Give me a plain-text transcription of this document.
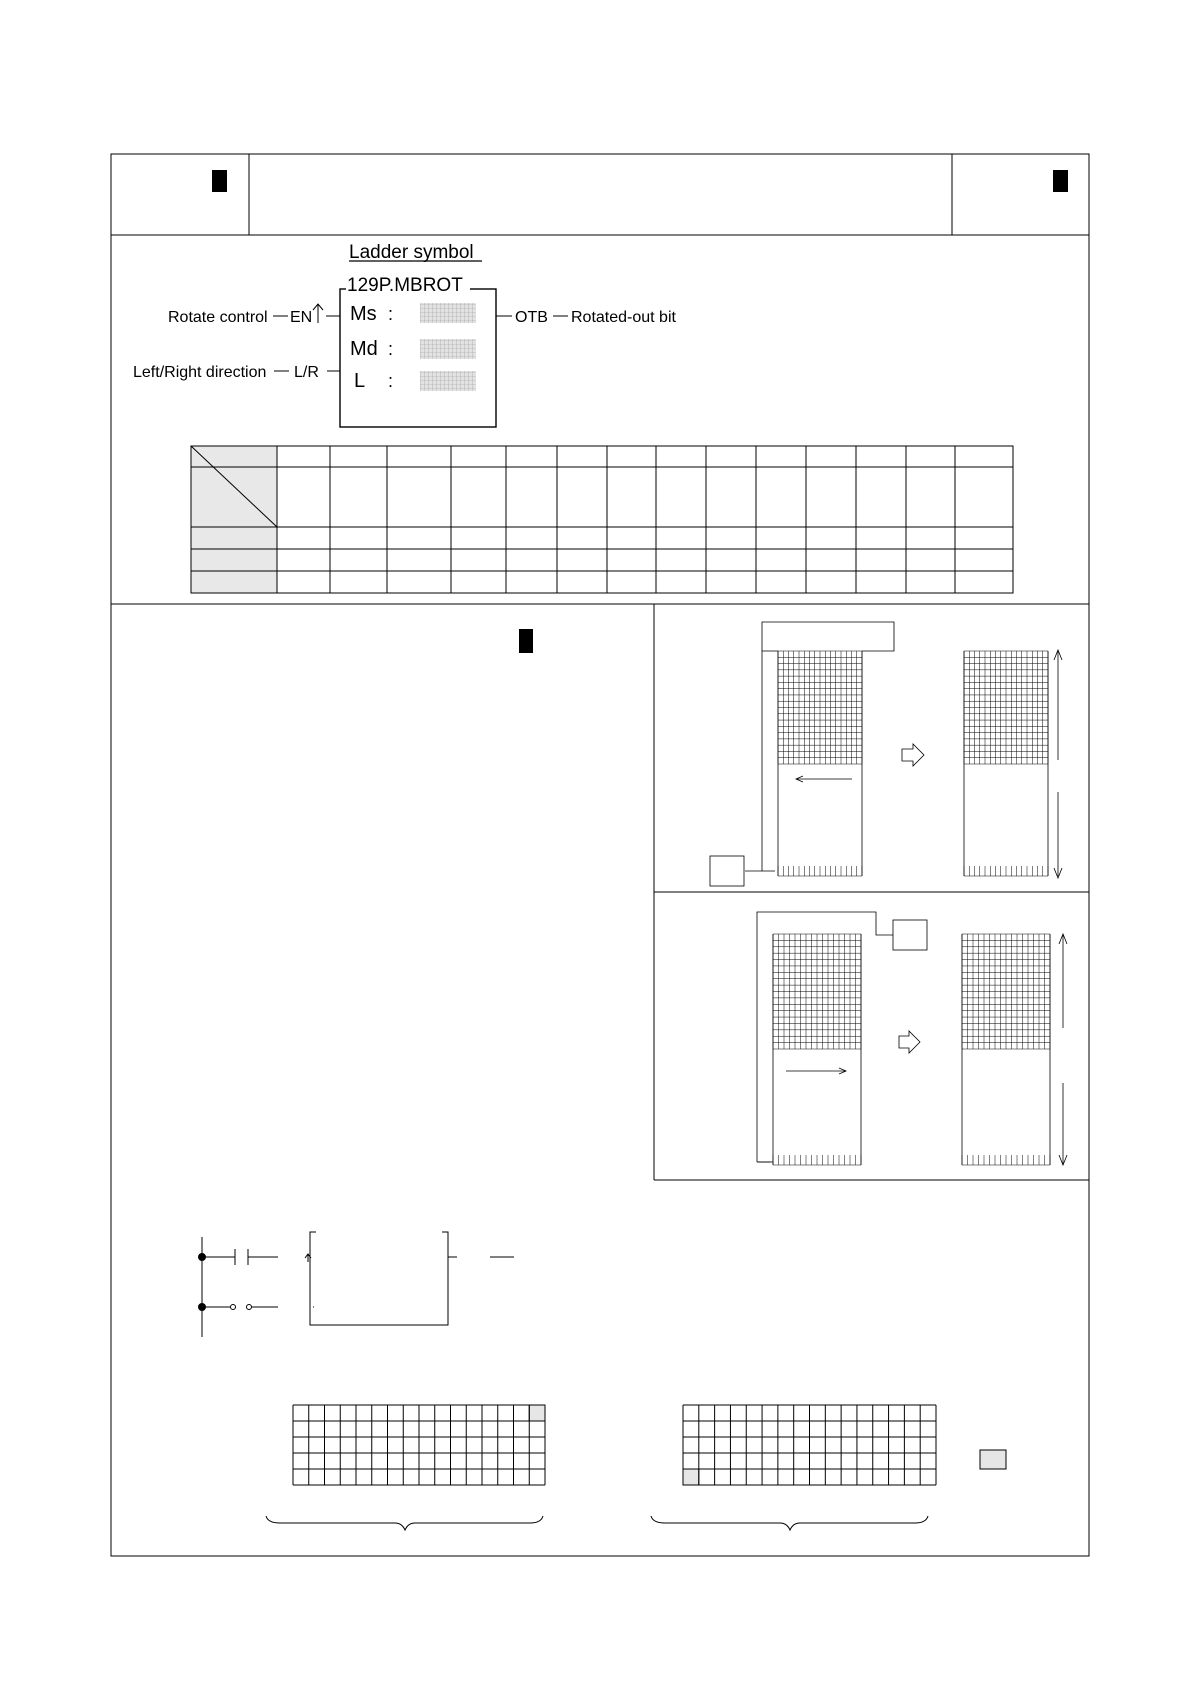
Ladder symbol
129P.MBROT
Rotate control EN
Left/Right direction L/R
Ms :
Md :
L :
OTB Rotated-out bit
